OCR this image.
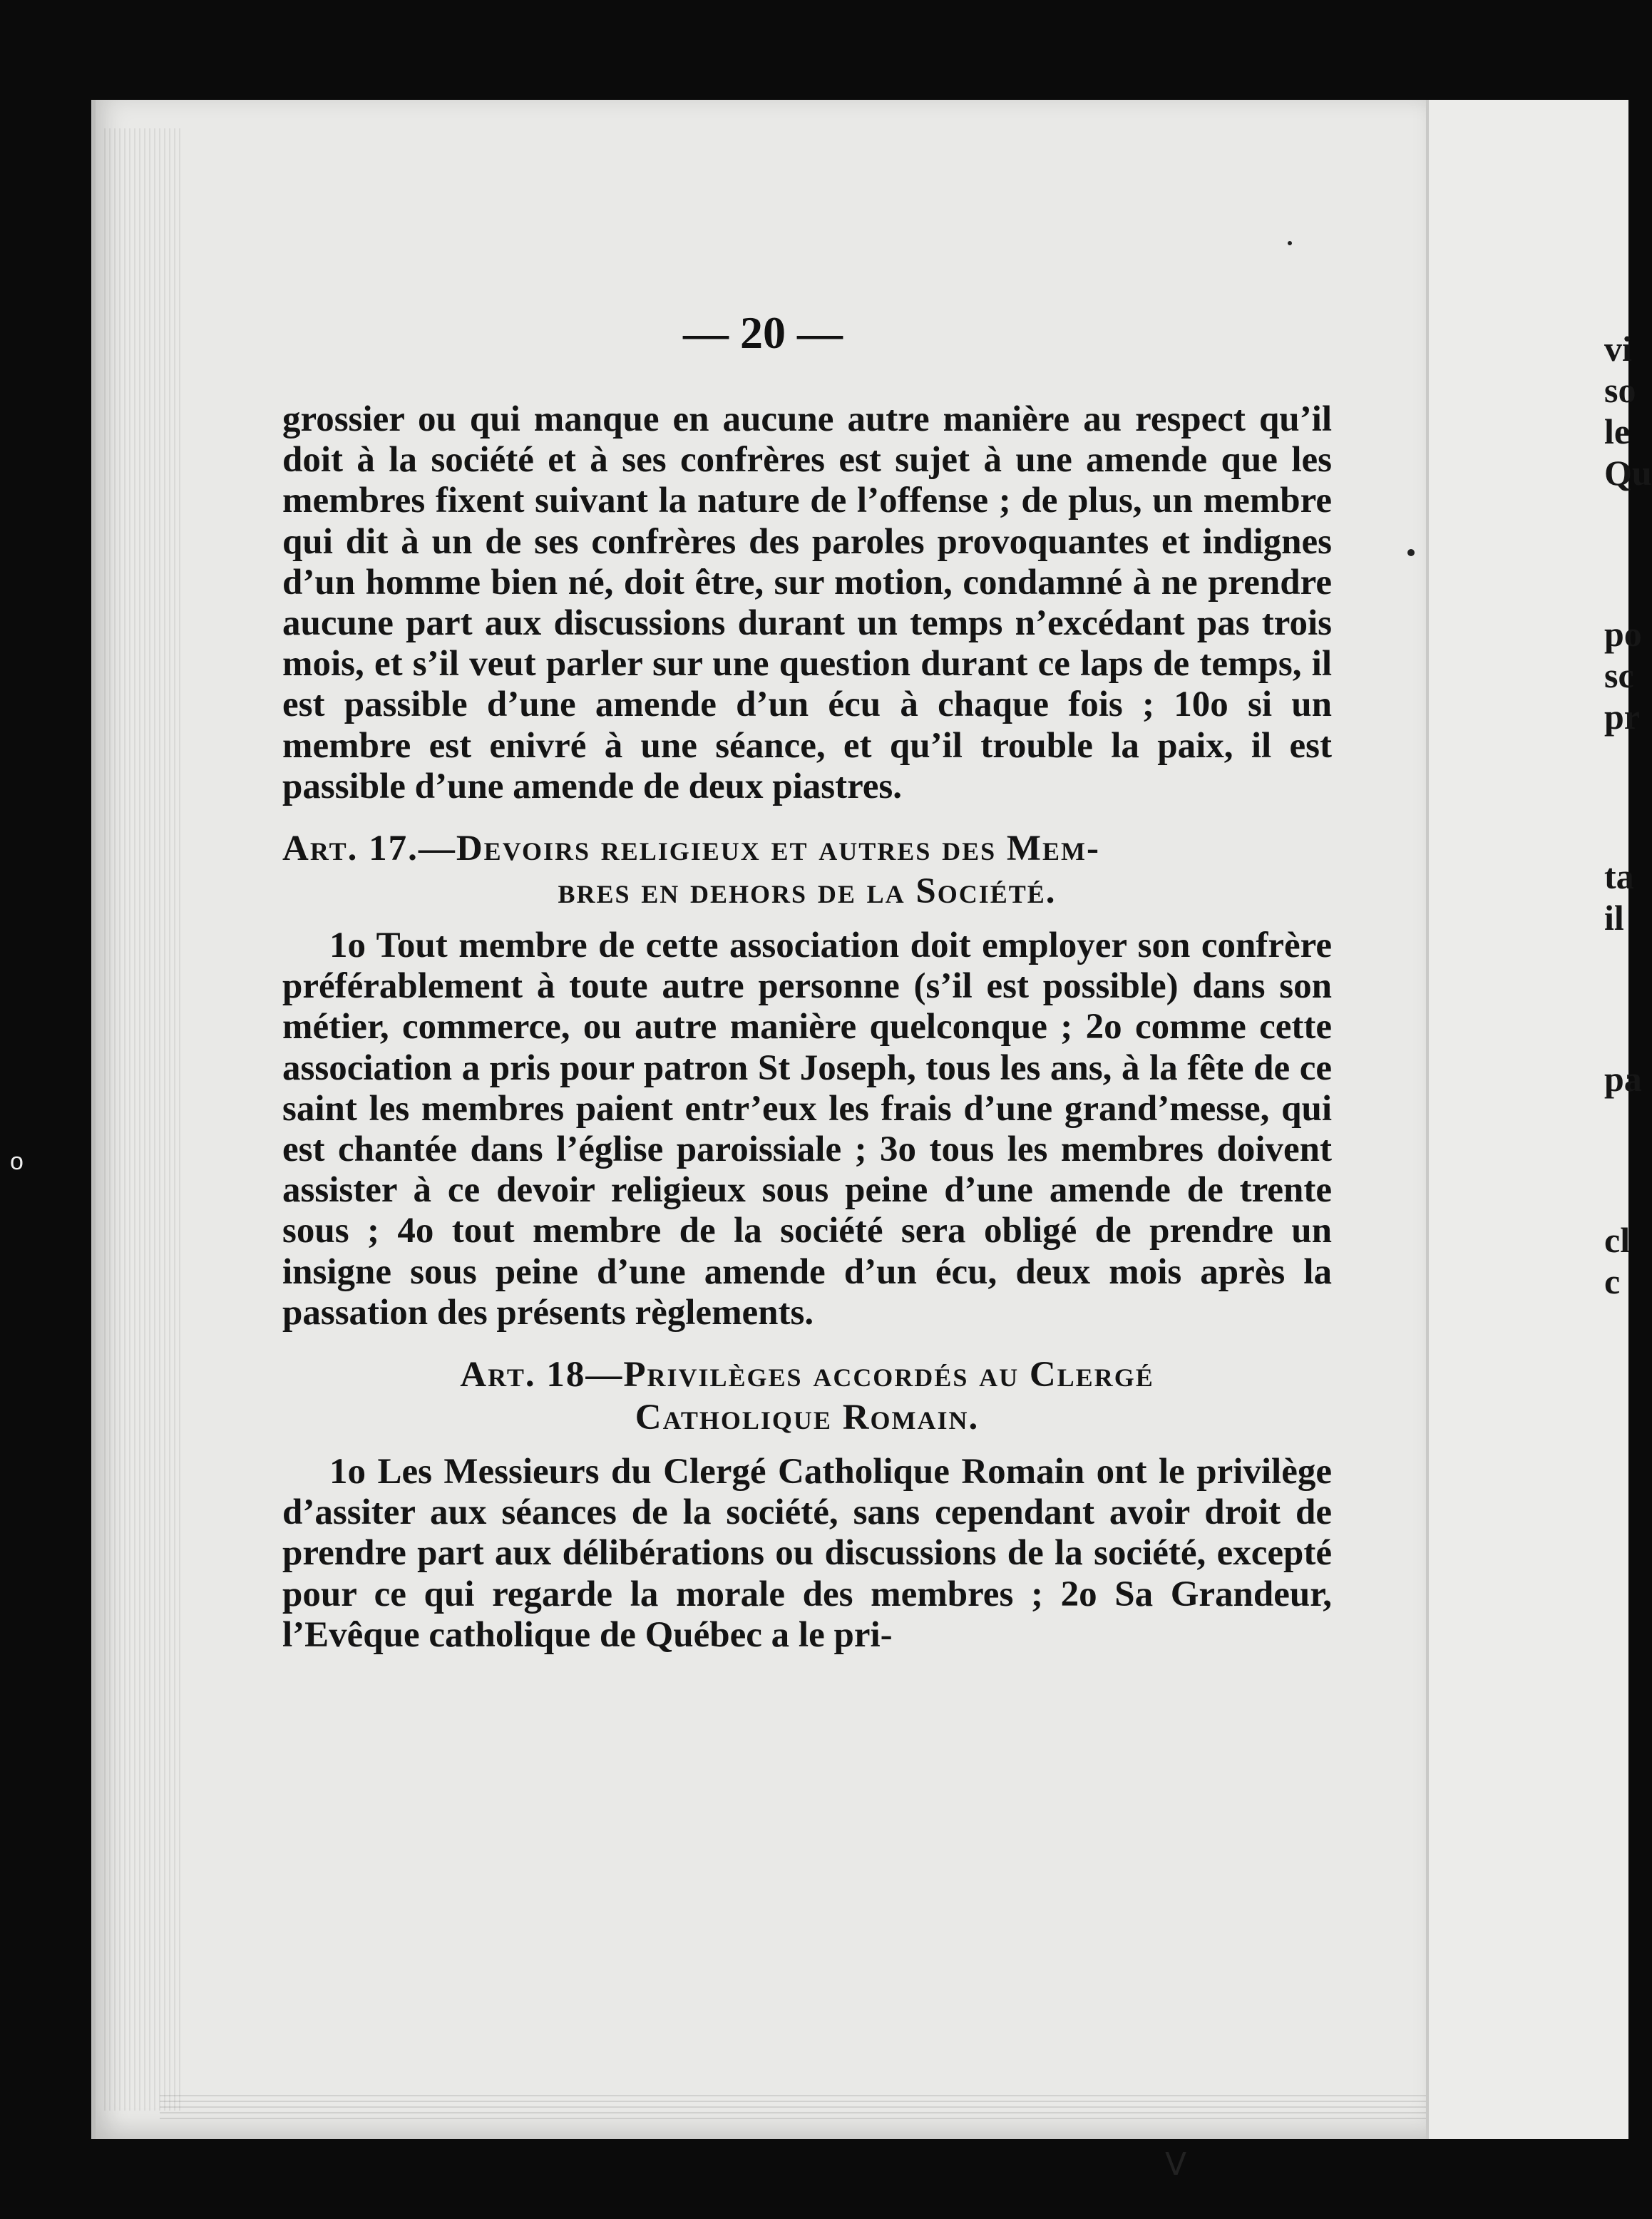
— 20 —

grossier ou qui manque en aucune autre manière au respect qu’il doit à la société et à ses confrères est sujet à une amende que les membres fixent suivant la nature de l’offense ; de plus, un membre qui dit à un de ses confrères des paroles provoquantes et indignes d’un homme bien né, doit être, sur motion, condamné à ne prendre aucune part aux discussions durant un temps n’excédant pas trois mois, et s’il veut parler sur une question durant ce laps de temps, il est passible d’une amende d’un écu à chaque fois ; 10o si un membre est enivré à une séance, et qu’il trouble la paix, il est passible d’une amende de deux piastres.

Art. 17.—Devoirs religieux et autres des Mem-
bres en dehors de la Société.

1o Tout membre de cette association doit employer son confrère préférablement à toute autre personne (s’il est possible) dans son métier, commerce, ou autre manière quelconque ; 2o comme cette association a pris pour patron St Joseph, tous les ans, à la fête de ce saint les membres paient entr’eux les frais d’une grand’messe, qui est chantée dans l’église paroissiale ; 3o tous les membres doivent assister à ce devoir religieux sous peine d’une amende de trente sous ; 4o tout membre de la société sera obligé de prendre un insigne sous peine d’une amende d’un écu, deux mois après la passation des présents règlements.

Art. 18—Privilèges accordés au Clergé
Catholique Romain.

1o Les Messieurs du Clergé Catholique Romain ont le privilège d’assiter aux séances de la société, sans cependant avoir droit de prendre part aux délibérations ou discussions de la société, excepté pour ce qui regarde la morale des membres ; 2o Sa Grandeur, l’Evêque catholique de Québec a le pri-

ᐯ
vi
so
le
Qu
po
sc
pr
ta
il
pa
cl
c
o
